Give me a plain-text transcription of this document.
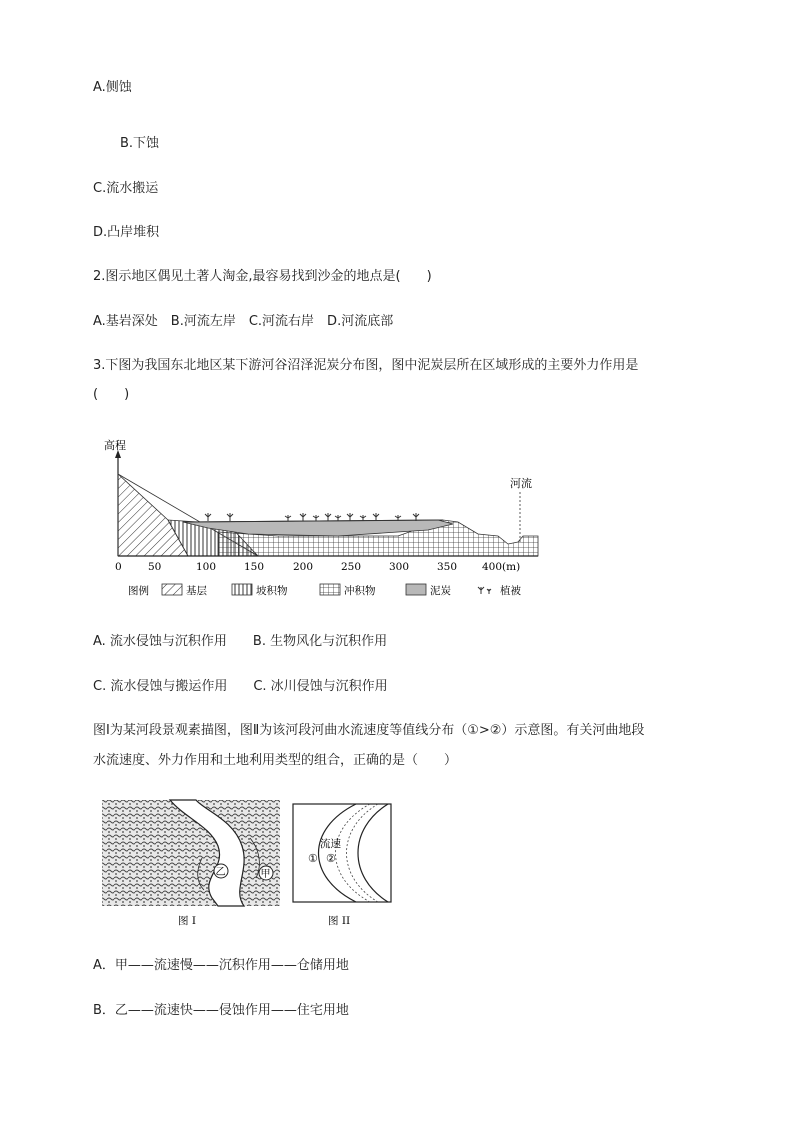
A.侧蚀
B.下蚀
C.流水搬运
D.凸岸堆积
2.图示地区偶见土著人淘金,最容易找到沙金的地点是(　　)
A.基岩深处　B.河流左岸　C.河流右岸　D.河流底部
3.下图为我国东北地区某下游河谷沼泽泥炭分布图，图中泥炭层所在区域形成的主要外力作用是
(　　)
高程
河流
0	50	100	150	200	250	300	350 400(m)
图例	基层	坡积物	冲积物	泥炭	植被
A. 流水侵蚀与沉积作用　　B. 生物风化与沉积作用
C. 流水侵蚀与搬运作用　　C. 冰川侵蚀与沉积作用
图Ⅰ为某河段景观素描图，图Ⅱ为该河段河曲水流速度等值线分布（①>②）示意图。有关河曲地段
水流速度、外力作用和土地利用类型的组合，正确的是（　　）
乙	甲
图 I
流速
① ②
图 II
A．甲——流速慢——沉积作用——仓储用地
B．乙——流速快——侵蚀作用——住宅用地
